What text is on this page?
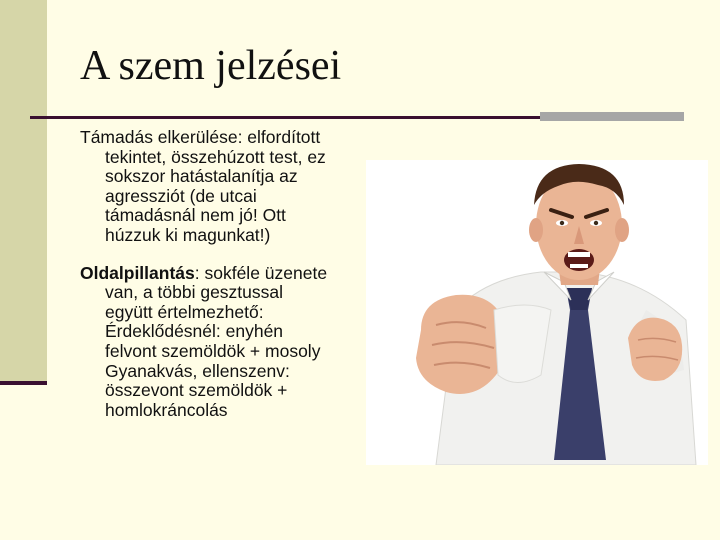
A szem jelzései
Támadás elkerülése: elfordított
tekintet, összehúzott test, ez
sokszor hatástalanítja az
agressziót (de utcai
támadásnál nem jó! Ott
húzzuk ki magunkat!)
Oldalpillantás: sokféle üzenete
van, a többi gesztussal
együtt értelmezhető:
Érdeklődésnél: enyhén
felvont szemöldök + mosoly
Gyanakvás, ellenszenv:
összevont szemöldök +
homlokráncolás
